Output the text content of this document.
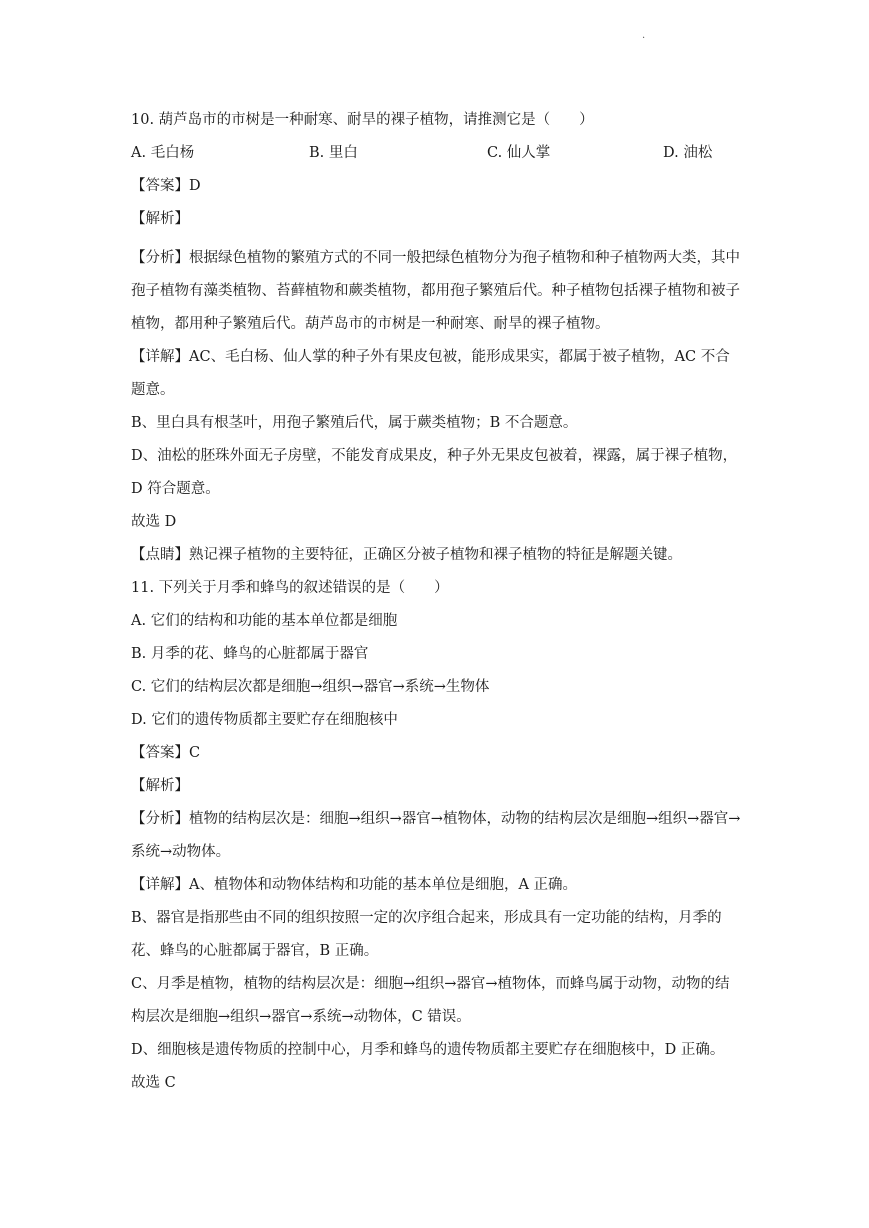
.
10. 葫芦岛市的市树是一种耐寒、耐旱的裸子植物，请推测它是（　　）
A. 毛白杨	B. 里白	C. 仙人掌	D. 油松
【答案】D
【解析】
【分析】根据绿色植物的繁殖方式的不同一般把绿色植物分为孢子植物和种子植物两大类，其中孢子植物有藻类植物、苔藓植物和蕨类植物，都用孢子繁殖后代。种子植物包括裸子植物和被子植物，都用种子繁殖后代。葫芦岛市的市树是一种耐寒、耐旱的裸子植物。
【详解】AC、毛白杨、仙人掌的种子外有果皮包被，能形成果实，都属于被子植物，AC 不合题意。
B、里白具有根茎叶，用孢子繁殖后代，属于蕨类植物；B 不合题意。
D、油松的胚珠外面无子房壁，不能发育成果皮，种子外无果皮包被着，裸露，属于裸子植物，D 符合题意。
故选 D
【点睛】熟记裸子植物的主要特征，正确区分被子植物和裸子植物的特征是解题关键。
11. 下列关于月季和蜂鸟的叙述错误的是（　　）
A. 它们的结构和功能的基本单位都是细胞
B. 月季的花、蜂鸟的心脏都属于器官
C. 它们的结构层次都是细胞→组织→器官→系统→生物体
D. 它们的遗传物质都主要贮存在细胞核中
【答案】C
【解析】
【分析】植物的结构层次是：细胞→组织→器官→植物体，动物的结构层次是细胞→组织→器官→系统→动物体。
【详解】A、植物体和动物体结构和功能的基本单位是细胞，A 正确。
B、器官是指那些由不同的组织按照一定的次序组合起来，形成具有一定功能的结构，月季的花、蜂鸟的心脏都属于器官，B 正确。
C、月季是植物，植物的结构层次是：细胞→组织→器官→植物体，而蜂鸟属于动物，动物的结构层次是细胞→组织→器官→系统→动物体，C 错误。
D、细胞核是遗传物质的控制中心，月季和蜂鸟的遗传物质都主要贮存在细胞核中，D 正确。
故选 C
